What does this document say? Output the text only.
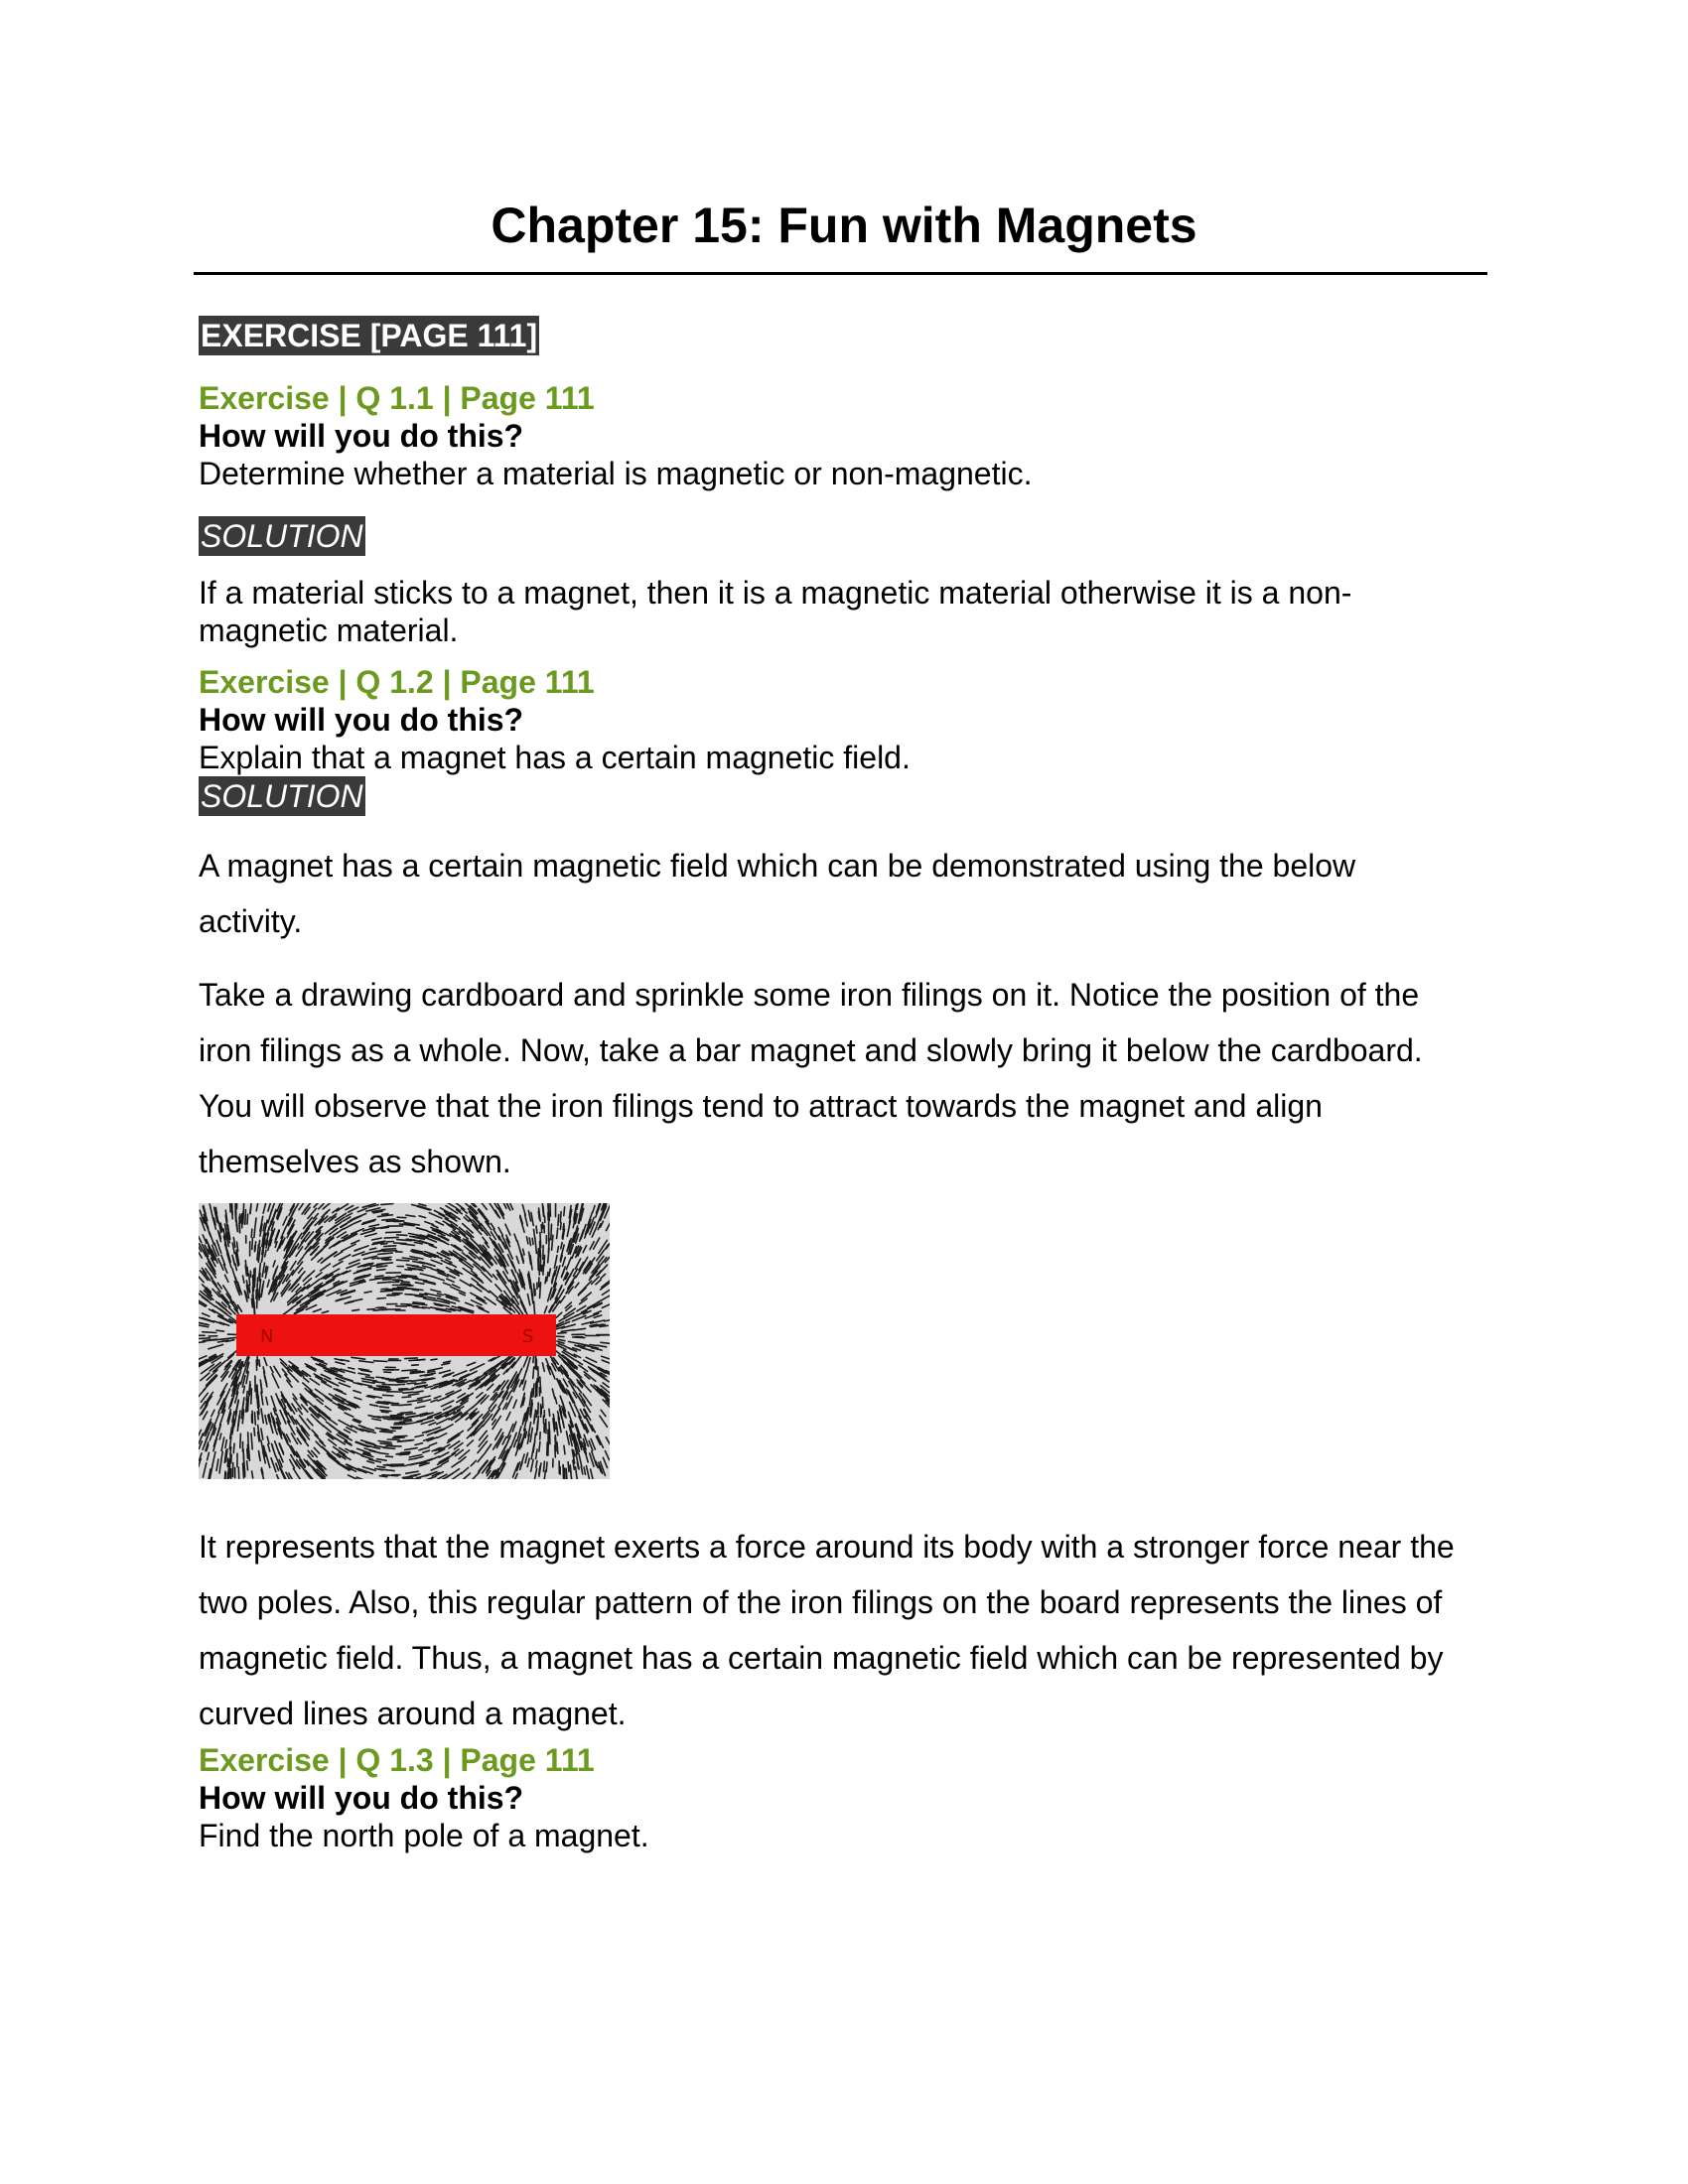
Chapter 15: Fun with Magnets
EXERCISE [PAGE 111]
Exercise | Q 1.1 | Page 111
How will you do this?
Determine whether a material is magnetic or non-magnetic.
SOLUTION
If a material sticks to a magnet, then it is a magnetic material otherwise it is a non-magnetic material.
Exercise | Q 1.2 | Page 111
How will you do this?
Explain that a magnet has a certain magnetic field.
SOLUTION
A magnet has a certain magnetic field which can be demonstrated using the below activity.
Take a drawing cardboard and sprinkle some iron filings on it. Notice the position of the iron filings as a whole. Now, take a bar magnet and slowly bring it below the cardboard. You will observe that the iron filings tend to attract towards the magnet and align themselves as shown.
N	S
It represents that the magnet exerts a force around its body with a stronger force near the two poles. Also, this regular pattern of the iron filings on the board represents the lines of magnetic field. Thus, a magnet has a certain magnetic field which can be represented by curved lines around a magnet.
Exercise | Q 1.3 | Page 111
How will you do this?
Find the north pole of a magnet.
